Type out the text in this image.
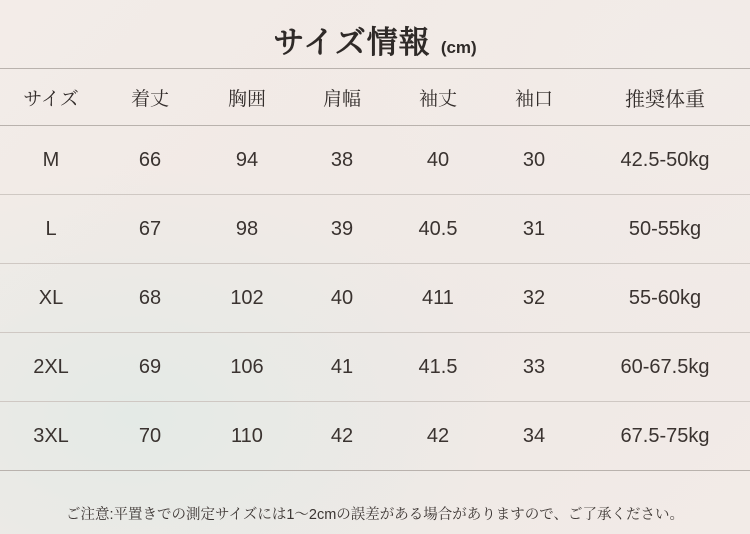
サイズ情報 (cm)
サイズ	着丈	胸囲	肩幅	袖丈	袖口	推奨体重
M	66	94	38	40	30	42.5-50kg
L	67	98	39	40.5	31	50-55kg
XL	68	102	40	411	32	55-60kg
2XL	69	106	41	41.5	33	60-67.5kg
3XL	70	110	42	42	34	67.5-75kg
ご注意:平置きでの測定サイズには1〜2cmの誤差がある場合がありますので、ご了承ください。
